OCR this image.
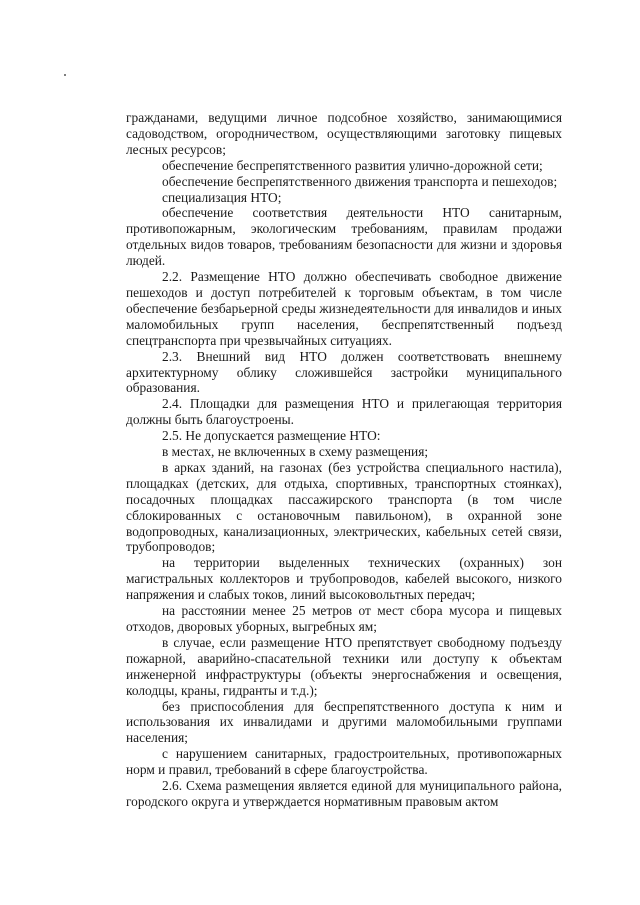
гражданами, ведущими личное подсобное хозяйство, занимающимися садоводством, огородничеством, осуществляющими заготовку пищевых лесных ресурсов;

обеспечение беспрепятственного развития улично-дорожной сети;

обеспечение беспрепятственного движения транспорта и пешеходов;

специализация НТО;

обеспечение соответствия деятельности НТО санитарным, противопожарным, экологическим требованиям, правилам продажи отдельных видов товаров, требованиям безопасности для жизни и здоровья людей.

2.2. Размещение НТО должно обеспечивать свободное движение пешеходов и доступ потребителей к торговым объектам, в том числе обеспечение безбарьерной среды жизнедеятельности для инвалидов и иных маломобильных групп населения, беспрепятственный подъезд спецтранспорта при чрезвычайных ситуациях.

2.3. Внешний вид НТО должен соответствовать внешнему архитектурному облику сложившейся застройки муниципального образования.

2.4. Площадки для размещения НТО и прилегающая территория должны быть благоустроены.

2.5. Не допускается размещение НТО:

в местах, не включенных в схему размещения;

в арках зданий, на газонах (без устройства специального настила), площадках (детских, для отдыха, спортивных, транспортных стоянках), посадочных площадках пассажирского транспорта (в том числе сблокированных с остановочным павильоном), в охранной зоне водопроводных, канализационных, электрических, кабельных сетей связи, трубопроводов;

на территории выделенных технических (охранных) зон магистральных коллекторов и трубопроводов, кабелей высокого, низкого напряжения и слабых токов, линий высоковольтных передач;

на расстоянии менее 25 метров от мест сбора мусора и пищевых отходов, дворовых уборных, выгребных ям;

в случае, если размещение НТО препятствует свободному подъезду пожарной, аварийно-спасательной техники или доступу к объектам инженерной инфраструктуры (объекты энергоснабжения и освещения, колодцы, краны, гидранты и т.д.);

без приспособления для беспрепятственного доступа к ним и использования их инвалидами и другими маломобильными группами населения;

с нарушением санитарных, градостроительных, противопожарных норм и правил, требований в сфере благоустройства.

2.6. Схема размещения является единой для муниципального района, городского округа и утверждается нормативным правовым актом
